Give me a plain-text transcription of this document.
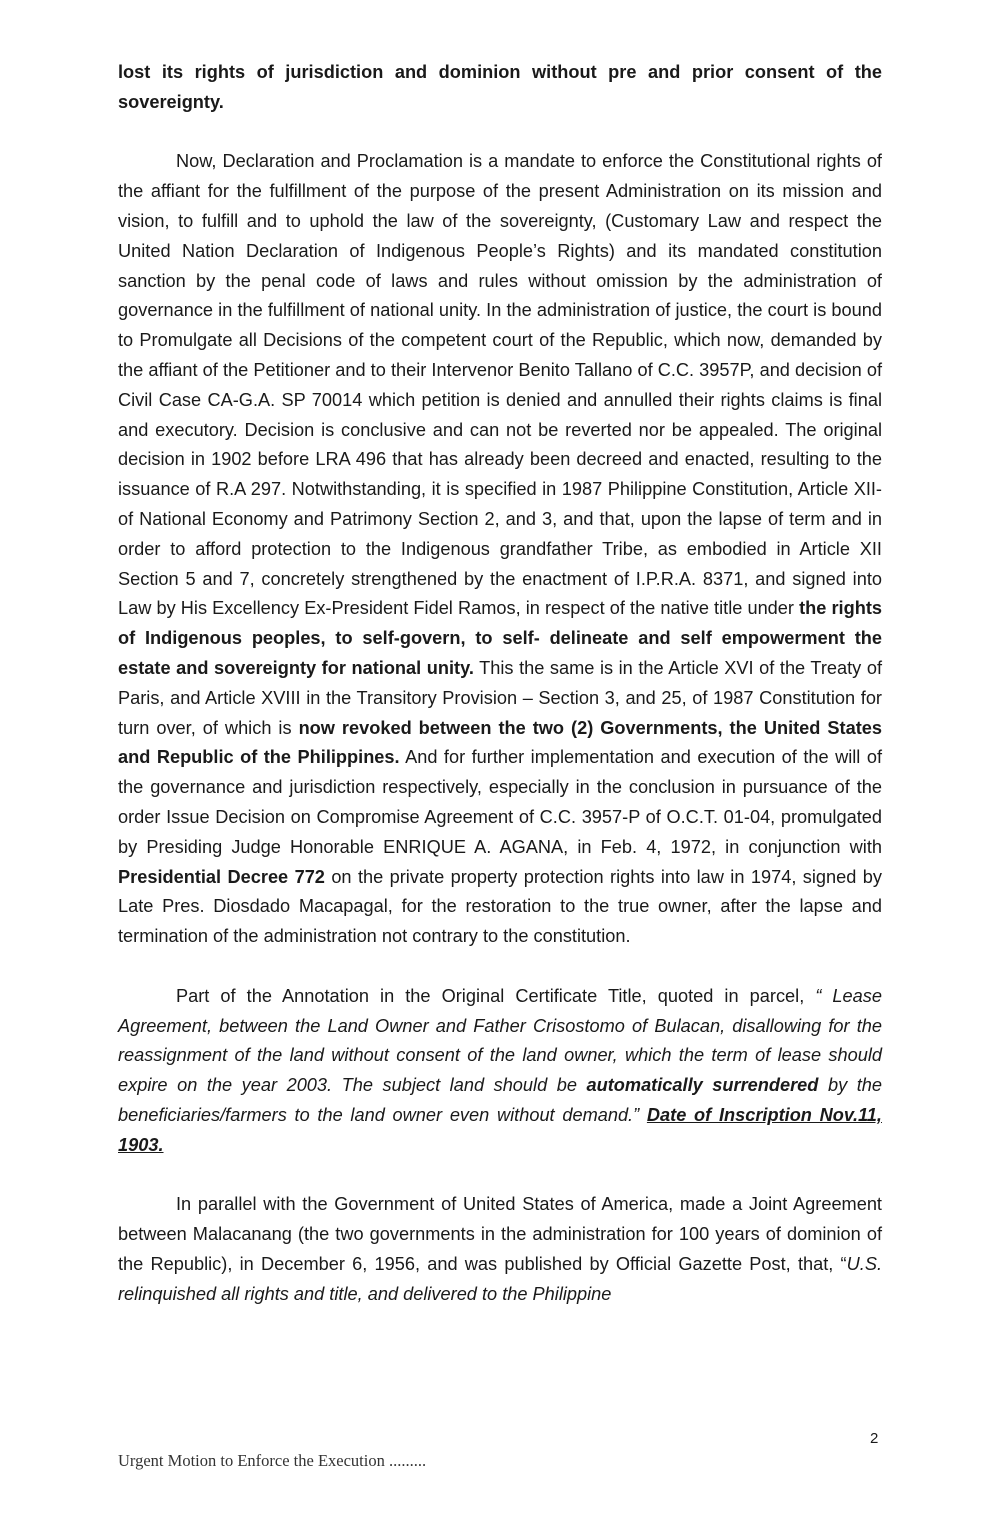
lost its rights of jurisdiction and dominion without pre and prior consent of the sovereignty.

Now, Declaration and Proclamation is a mandate to enforce the Constitutional rights of the affiant for the fulfillment of the purpose of the present Administration on its mission and vision, to fulfill and to uphold the law of the sovereignty, (Customary Law and respect the United Nation Declaration of Indigenous People’s Rights) and its mandated constitution sanction by the penal code of laws and rules without omission by the administration of governance in the fulfillment of national unity. In the administration of justice, the court is bound to Promulgate all Decisions of the competent court of the Republic, which now, demanded by the affiant of the Petitioner and to their Intervenor Benito Tallano of C.C. 3957P, and decision of Civil Case CA-G.A. SP 70014 which petition is denied and annulled their rights claims is final and executory. Decision is conclusive and can not be reverted nor be appealed. The original decision in 1902 before LRA 496 that has already been decreed and enacted, resulting to the issuance of R.A 297. Notwithstanding, it is specified in 1987 Philippine Constitution, Article XII- of National Economy and Patrimony Section 2, and 3, and that, upon the lapse of term and in order to afford protection to the Indigenous grandfather Tribe, as embodied in Article XII Section 5 and 7, concretely strengthened by the enactment of I.P.R.A. 8371, and signed into Law by His Excellency Ex-President Fidel Ramos, in respect of the native title under the rights of Indigenous peoples, to self-govern, to self- delineate and self empowerment the estate and sovereignty for national unity. This the same is in the Article XVI of the Treaty of Paris, and Article XVIII in the Transitory Provision – Section 3, and 25, of 1987 Constitution for turn over, of which is now revoked between the two (2) Governments, the United States and Republic of the Philippines. And for further implementation and execution of the will of the governance and jurisdiction respectively, especially in the conclusion in pursuance of the order Issue Decision on Compromise Agreement of C.C. 3957-P of O.C.T. 01-04, promulgated by Presiding Judge Honorable ENRIQUE A. AGANA, in Feb. 4, 1972, in conjunction with Presidential Decree 772 on the private property protection rights into law in 1974, signed by Late Pres. Diosdado Macapagal, for the restoration to the true owner, after the lapse and termination of the administration not contrary to the constitution.

Part of the Annotation in the Original Certificate Title, quoted in parcel, “ Lease Agreement, between the Land Owner and Father Crisostomo of Bulacan, disallowing for the reassignment of the land without consent of the land owner, which the term of lease should expire on the year 2003. The subject land should be automatically surrendered by the beneficiaries/farmers to the land owner even without demand.” Date of Inscription Nov.11, 1903.

In parallel with the Government of United States of America, made a Joint Agreement between Malacanang (the two governments in the administration for 100 years of dominion of the Republic), in December 6, 1956, and was published by Official Gazette Post, that, “U.S. relinquished all rights and title, and delivered to the Philippine

2
Urgent Motion to Enforce the Execution .........
